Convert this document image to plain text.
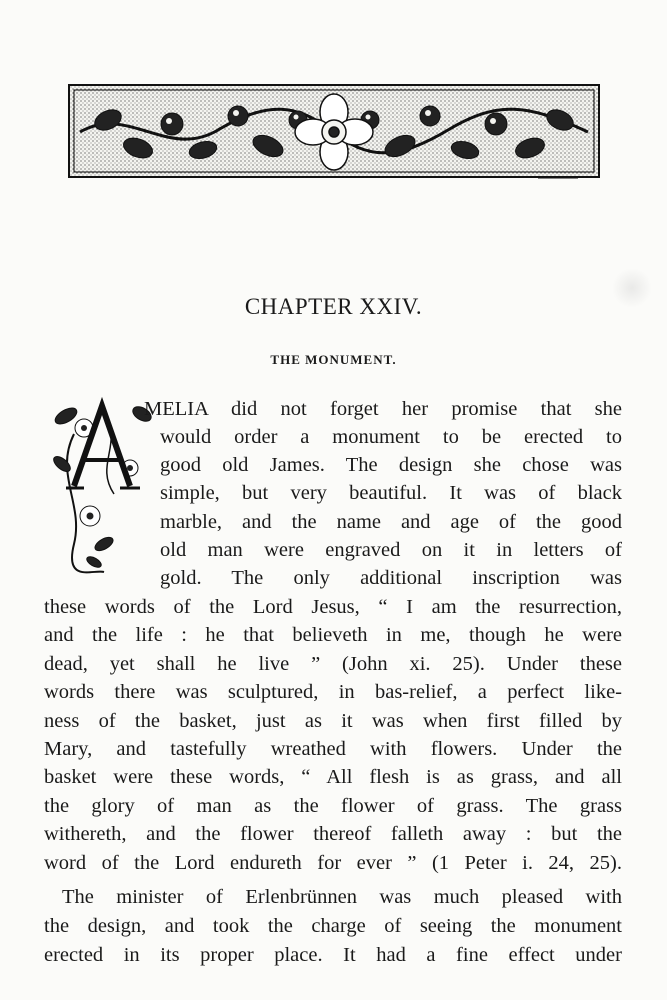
CHAPTER XXIV.
THE MONUMENT.
MELIA did not forget her promise that she
would order a monument to be erected to
good old James. The design she chose was
simple, but very beautiful. It was of black
marble, and the name and age of the good
old man were engraved on it in letters of
gold. The only additional inscription was
these words of the Lord Jesus, “ I am the resurrection,
and the life : he that believeth in me, though he were
dead, yet shall he live ” (John xi. 25). Under these
words there was sculptured, in bas-relief, a perfect like-
ness of the basket, just as it was when first filled by
Mary, and tastefully wreathed with flowers. Under the
basket were these words, “ All flesh is as grass, and all
the glory of man as the flower of grass. The grass
withereth, and the flower thereof falleth away : but the
word of the Lord endureth for ever ” (1 Peter i. 24, 25).
The minister of Erlenbrünnen was much pleased with
the design, and took the charge of seeing the monument
erected in its proper place. It had a fine effect under
